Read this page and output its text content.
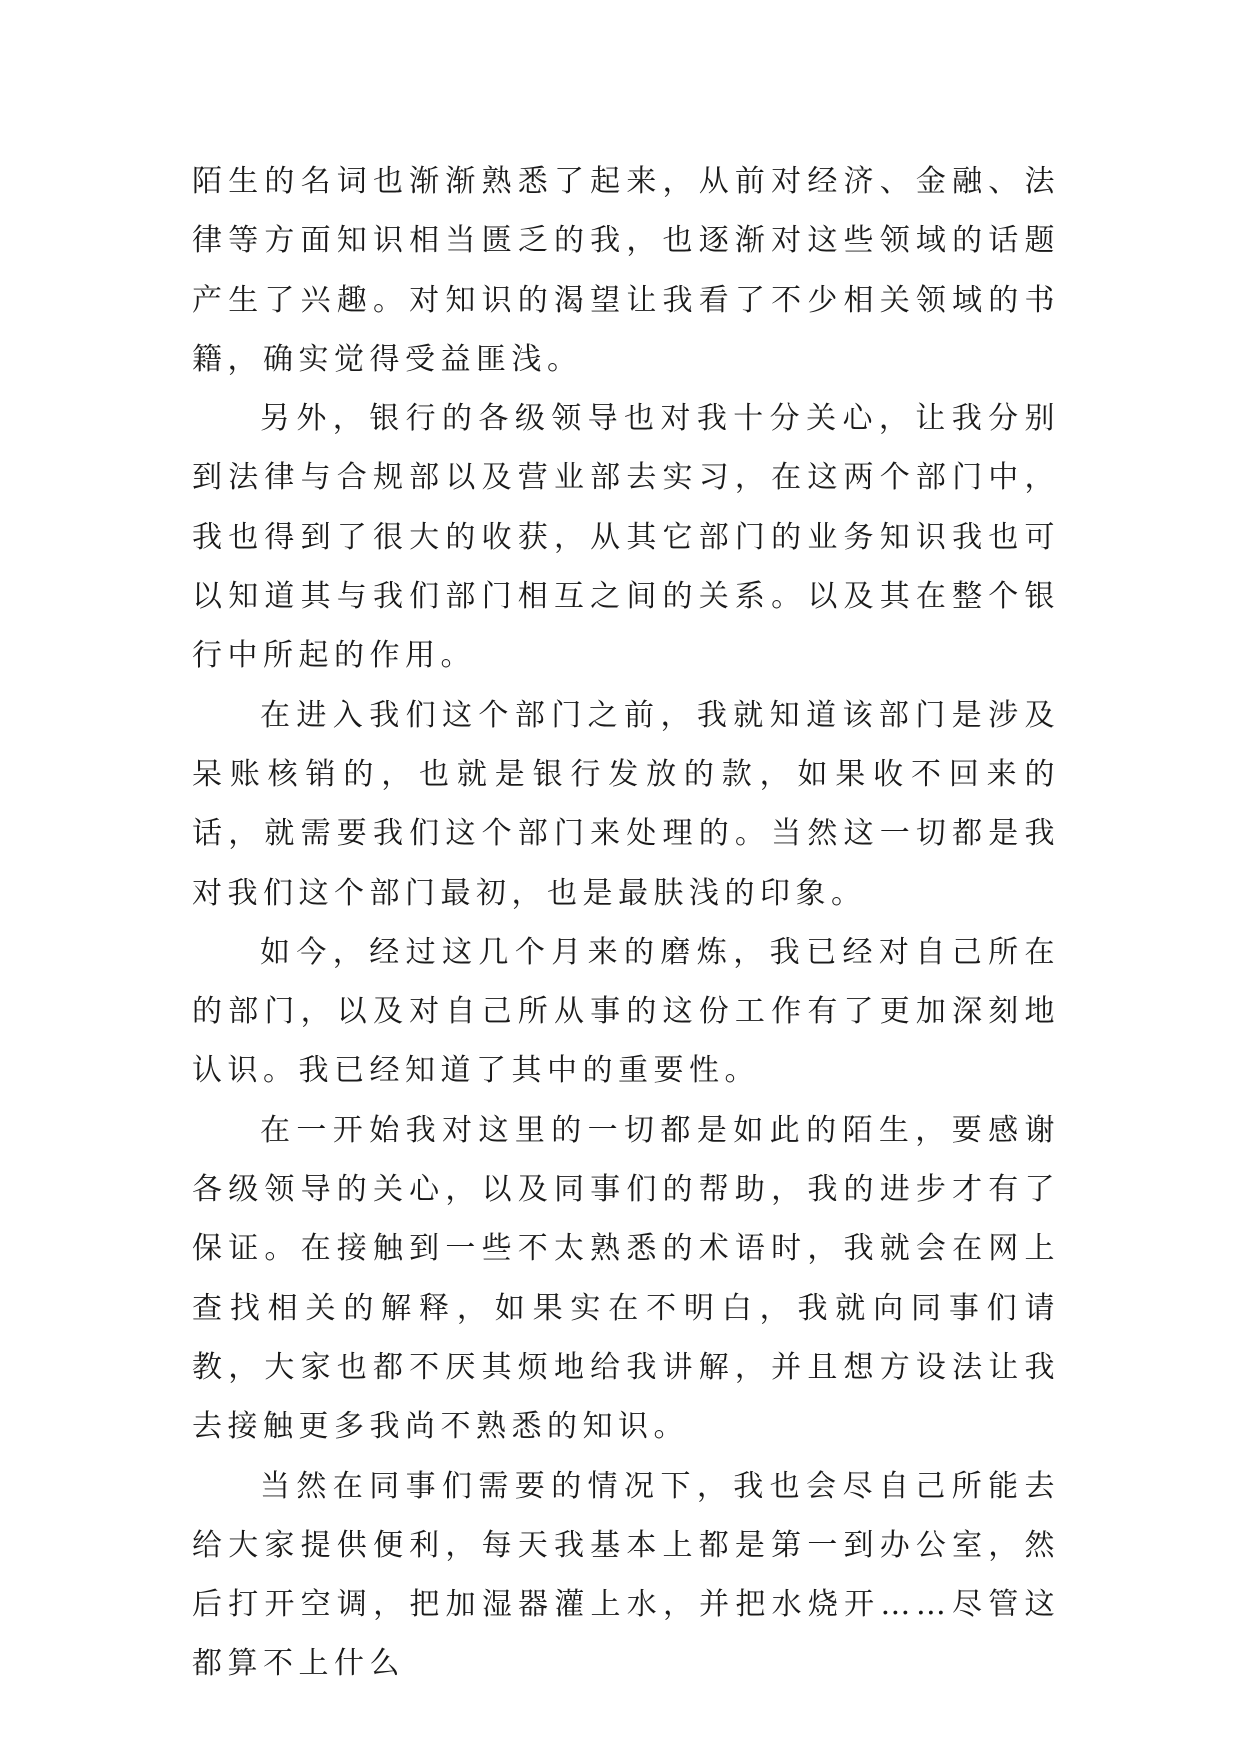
陌生的名词也渐渐熟悉了起来，从前对经济、金融、法律等方面知识相当匮乏的我，也逐渐对这些领域的话题产生了兴趣。对知识的渴望让我看了不少相关领域的书籍，确实觉得受益匪浅。

另外，银行的各级领导也对我十分关心，让我分别到法律与合规部以及营业部去实习，在这两个部门中，我也得到了很大的收获，从其它部门的业务知识我也可以知道其与我们部门相互之间的关系。以及其在整个银行中所起的作用。

在进入我们这个部门之前，我就知道该部门是涉及呆账核销的，也就是银行发放的款，如果收不回来的话，就需要我们这个部门来处理的。当然这一切都是我对我们这个部门最初，也是最肤浅的印象。

如今，经过这几个月来的磨炼，我已经对自己所在的部门，以及对自己所从事的这份工作有了更加深刻地认识。我已经知道了其中的重要性。

在一开始我对这里的一切都是如此的陌生，要感谢各级领导的关心，以及同事们的帮助，我的进步才有了保证。在接触到一些不太熟悉的术语时，我就会在网上查找相关的解释，如果实在不明白，我就向同事们请教，大家也都不厌其烦地给我讲解，并且想方设法让我去接触更多我尚不熟悉的知识。

当然在同事们需要的情况下，我也会尽自己所能去给大家提供便利，每天我基本上都是第一到办公室，然后打开空调，把加湿器灌上水，并把水烧开……尽管这都算不上什么
